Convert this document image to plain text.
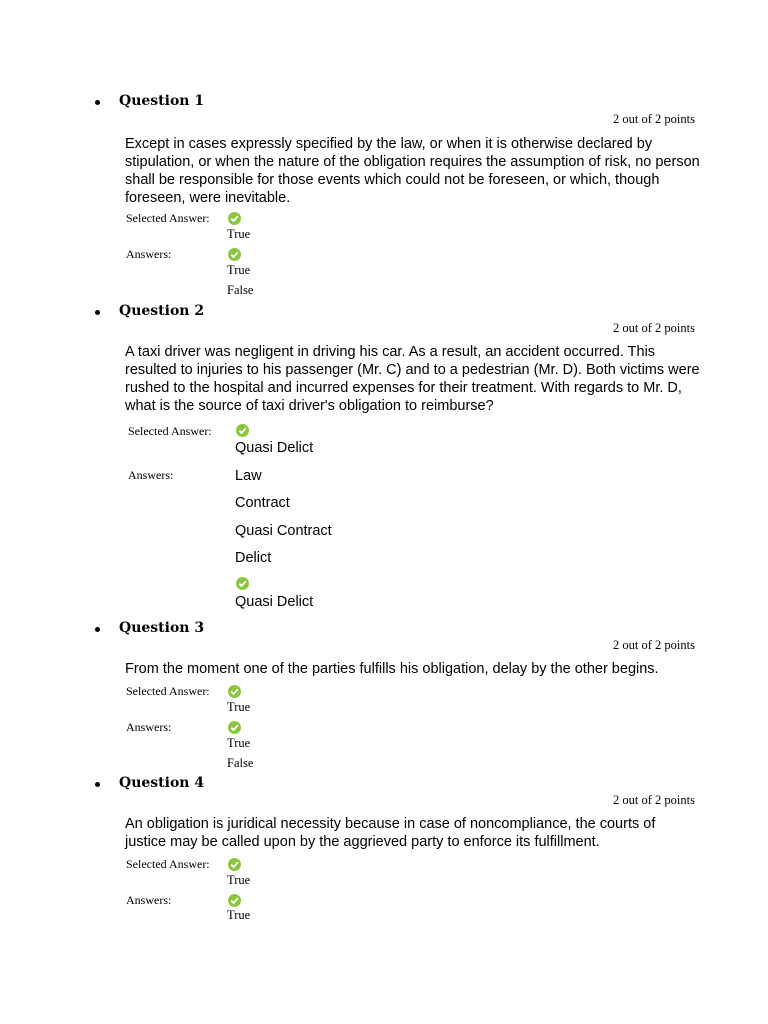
Question 1
2 out of 2 points
Except in cases expressly specified by the law, or when it is otherwise declared by stipulation, or when the nature of the obligation requires the assumption of risk, no person shall be responsible for those events which could not be foreseen, or which, though foreseen, were inevitable.
Selected Answer:
True
Answers:
True
False
Question 2
2 out of 2 points
A taxi driver was negligent in driving his car. As a result, an accident occurred. This resulted to injuries to his passenger (Mr. C) and to a pedestrian (Mr. D). Both victims were rushed to the hospital and incurred expenses for their treatment. With regards to Mr. D, what is the source of taxi driver's obligation to reimburse?
Selected Answer:
Quasi Delict
Answers:	Law
Contract
Quasi Contract
Delict
Quasi Delict
Question 3
2 out of 2 points
From the moment one of the parties fulfills his obligation, delay by the other begins.
Selected Answer:
True
Answers:
True
False
Question 4
2 out of 2 points
An obligation is juridical necessity because in case of noncompliance, the courts of justice may be called upon by the aggrieved party to enforce its fulfillment.
Selected Answer:
True
Answers:
True
